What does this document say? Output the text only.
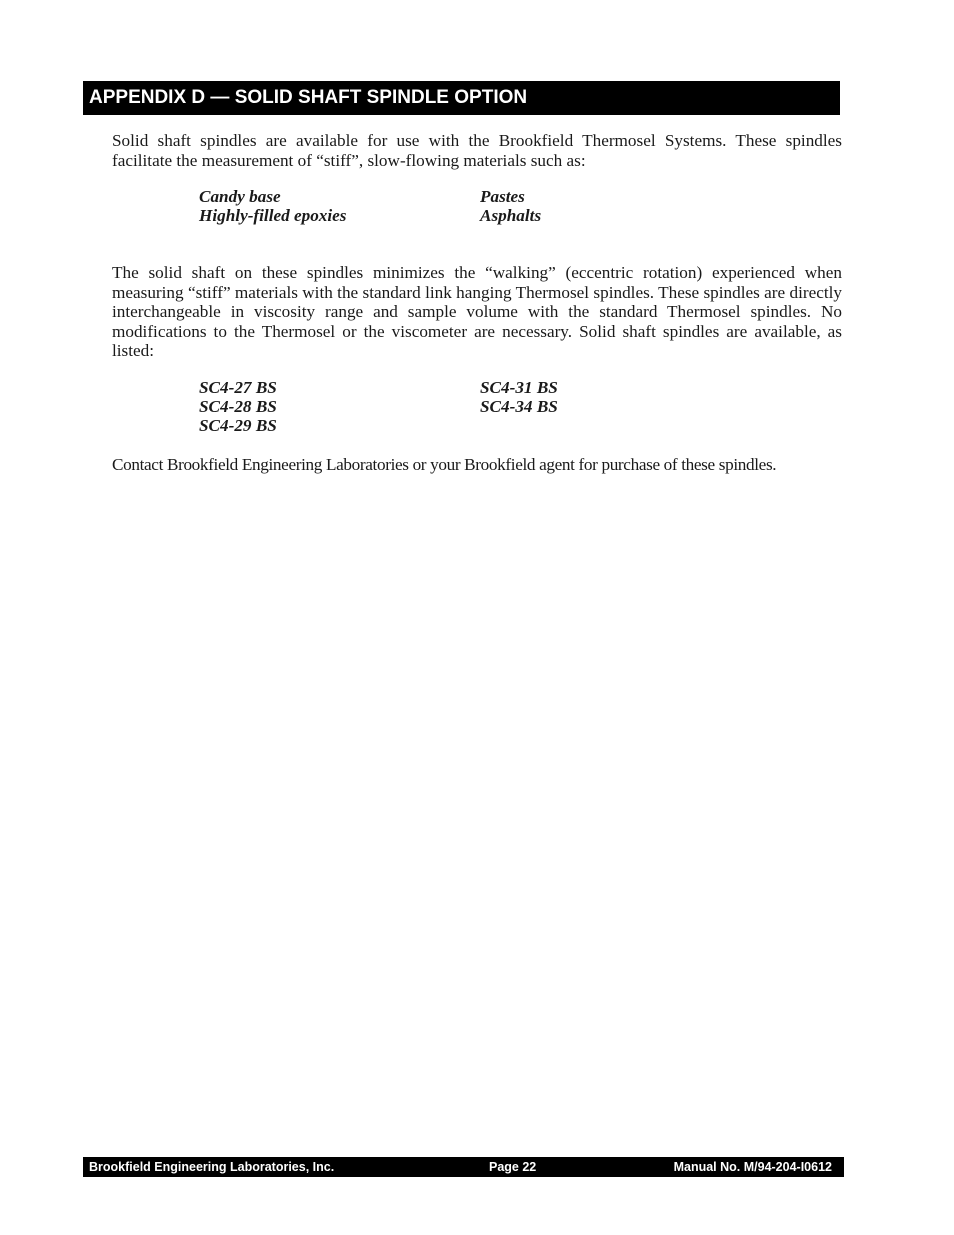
APPENDIX D — SOLID SHAFT SPINDLE OPTION

Solid shaft spindles are available for use with the Brookfield Thermosel Systems. These spindles facilitate the measurement of “stiff”, slow-flowing materials such as:

Candy base	Pastes
Highly-filled epoxies	Asphalts

The solid shaft on these spindles minimizes the “walking” (eccentric rotation) experienced when measuring “stiff” materials with the standard link hanging Thermosel spindles. These spindles are directly interchangeable in viscosity range and sample volume with the standard Thermosel spindles. No modifications to the Thermosel or the viscometer are necessary. Solid shaft spindles are available, as listed:

SC4-27 BS	SC4-31 BS
SC4-28 BS	SC4-34 BS
SC4-29 BS

Contact Brookfield Engineering Laboratories or your Brookfield agent for purchase of these spindles.

Brookfield Engineering Laboratories, Inc.	Page 22	Manual No. M/94-204-I0612
